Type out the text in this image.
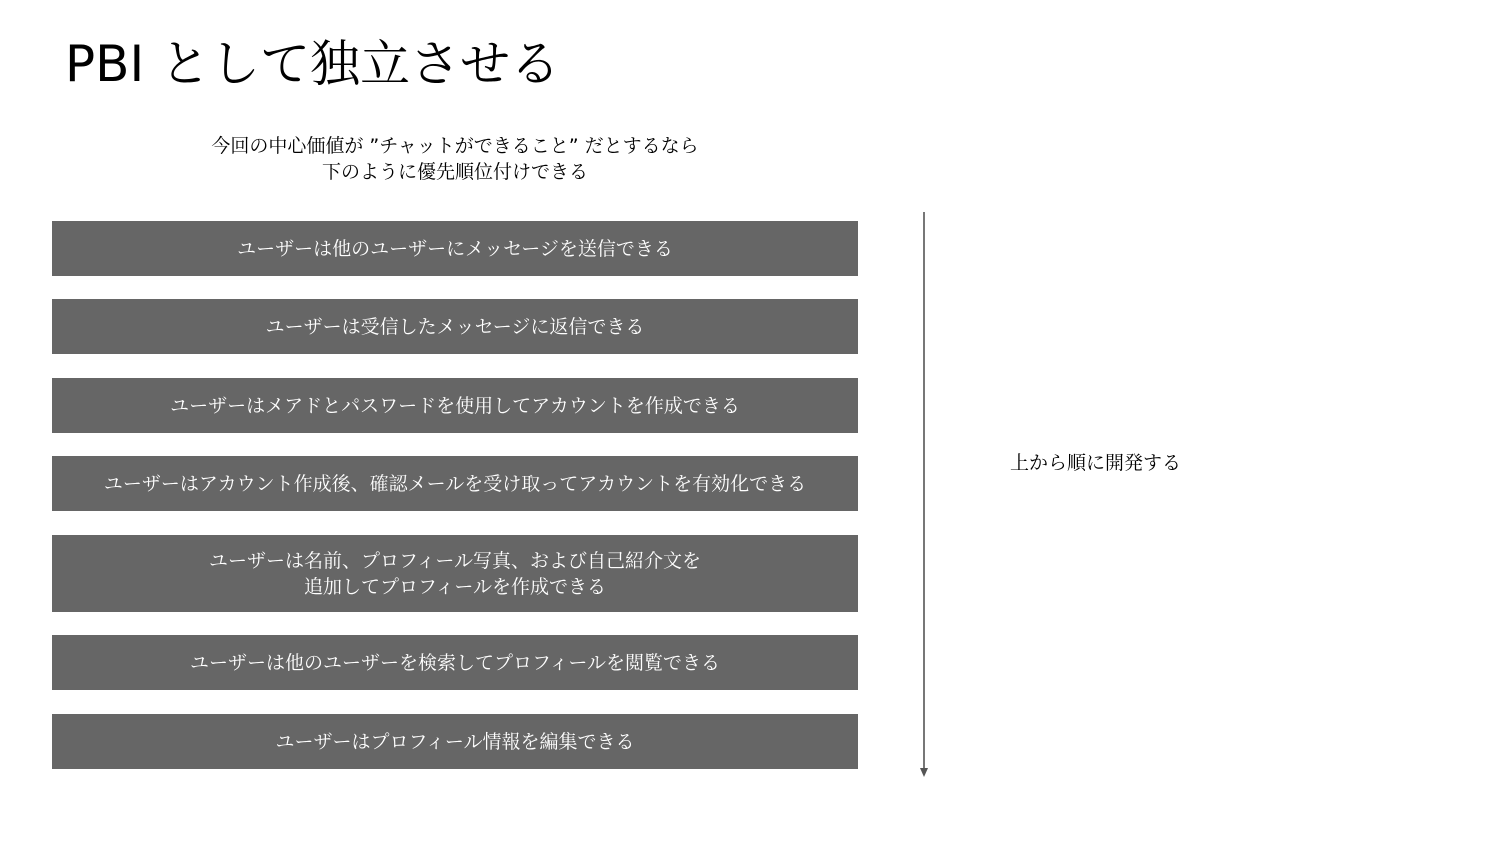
PBI として独立させる
今回の中心価値が ”チャットができること” だとするなら
下のように優先順位付けできる
ユーザーは他のユーザーにメッセージを送信できる
ユーザーは受信したメッセージに返信できる
ユーザーはメアドとパスワードを使用してアカウントを作成できる
ユーザーはアカウント作成後、確認メールを受け取ってアカウントを有効化できる
ユーザーは名前、プロフィール写真、および自己紹介文を
追加してプロフィールを作成できる
ユーザーは他のユーザーを検索してプロフィールを閲覧できる
ユーザーはプロフィール情報を編集できる
上から順に開発する
